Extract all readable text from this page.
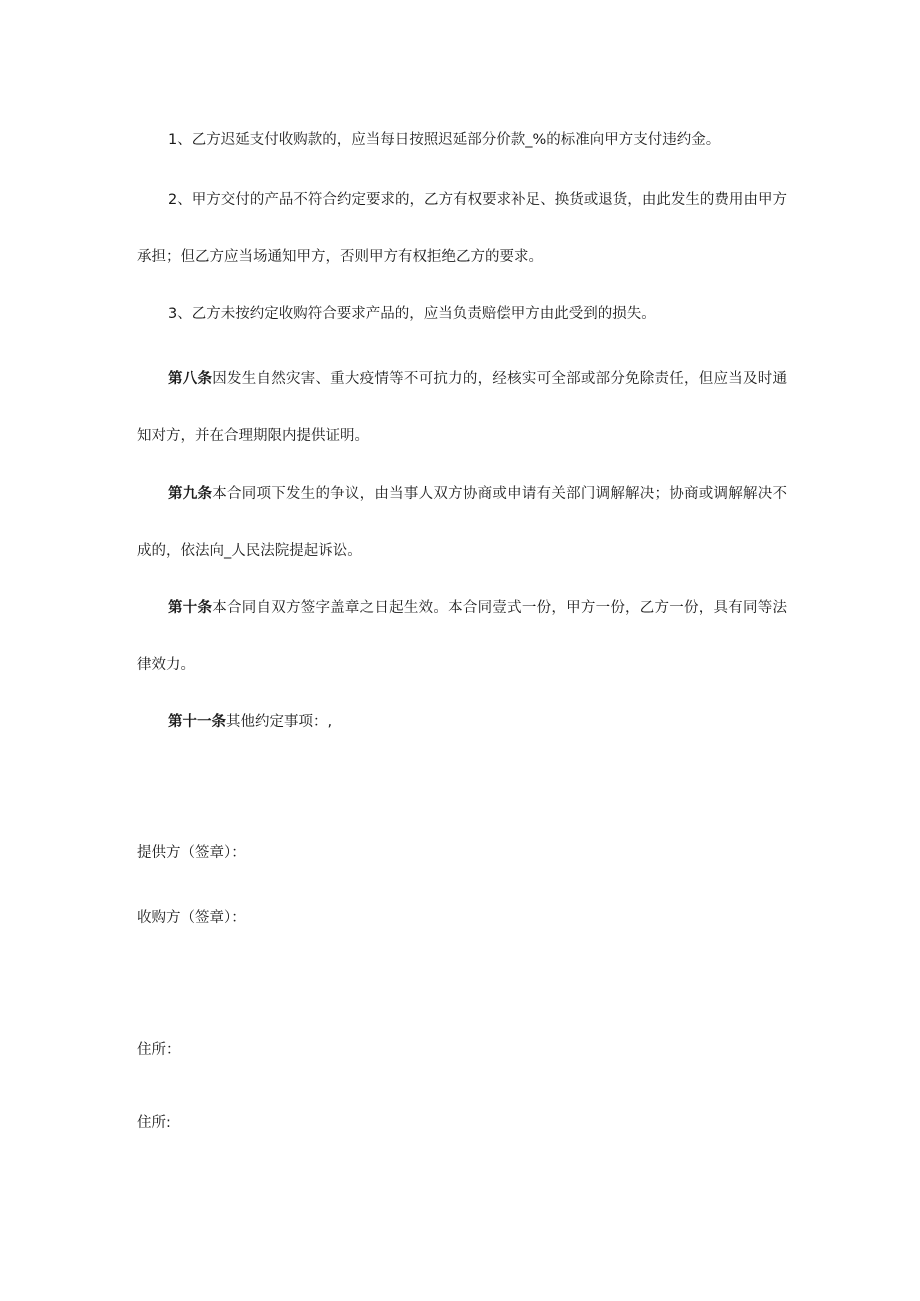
1、乙方迟延支付收购款的，应当每日按照迟延部分价款_%的标准向甲方支付违约金。

2、甲方交付的产品不符合约定要求的，乙方有权要求补足、换货或退货，由此发生的费用由甲方承担；但乙方应当场通知甲方，否则甲方有权拒绝乙方的要求。

3、乙方未按约定收购符合要求产品的，应当负责赔偿甲方由此受到的损失。

第八条因发生自然灾害、重大疫情等不可抗力的，经核实可全部或部分免除责任，但应当及时通知对方，并在合理期限内提供证明。

第九条本合同项下发生的争议，由当事人双方协商或申请有关部门调解解决；协商或调解解决不成的，依法向_人民法院提起诉讼。

第十条本合同自双方签字盖章之日起生效。本合同壹式一份，甲方一份，乙方一份，具有同等法律效力。

第十一条其他约定事项：,

提供方（签章）：

收购方（签章）：

住所：

住所:
